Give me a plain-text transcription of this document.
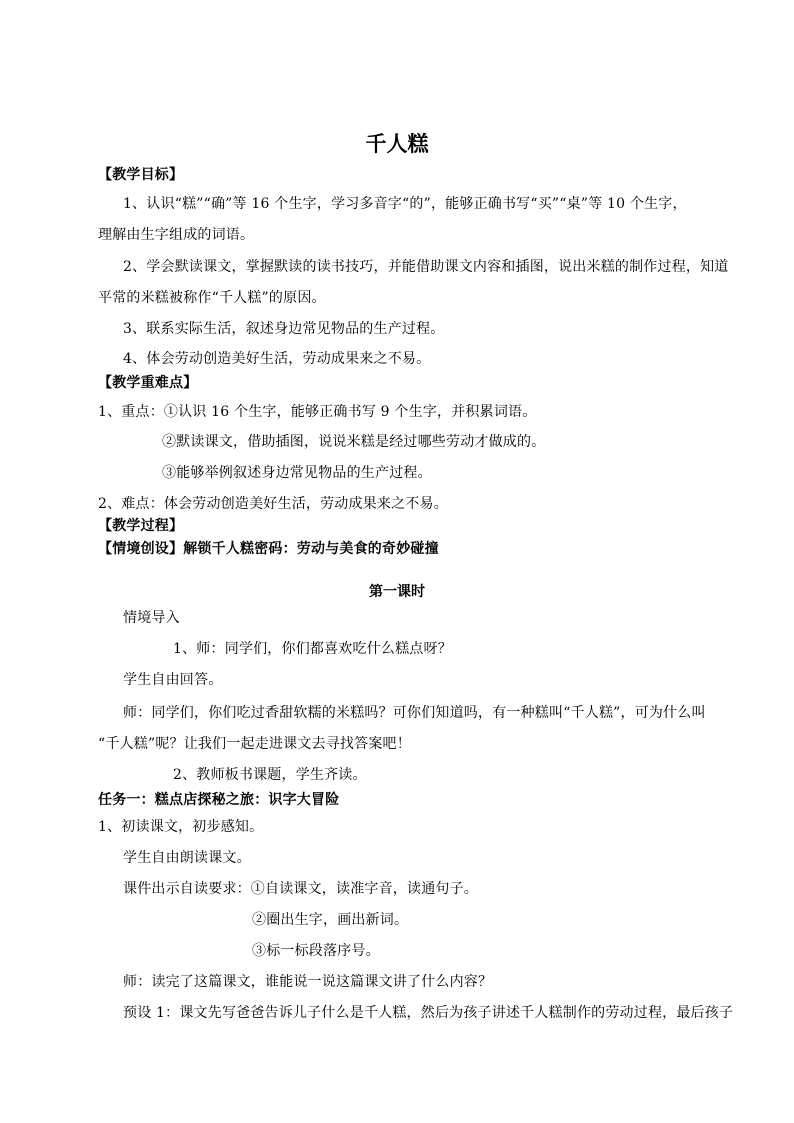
千人糕
【教学目标】
1、认识“糕”“确”等 16 个生字，学习多音字“的”，能够正确书写“买”“桌”等 10 个生字，
理解由生字组成的词语。
2、学会默读课文，掌握默读的读书技巧，并能借助课文内容和插图，说出米糕的制作过程，知道
平常的米糕被称作“千人糕”的原因。
3、联系实际生活，叙述身边常见物品的生产过程。
4、体会劳动创造美好生活，劳动成果来之不易。
【教学重难点】
1、重点：①认识 16 个生字，能够正确书写 9 个生字，并积累词语。
②默读课文，借助插图，说说米糕是经过哪些劳动才做成的。
③能够举例叙述身边常见物品的生产过程。
2、难点：体会劳动创造美好生活，劳动成果来之不易。
【教学过程】
【情境创设】解锁千人糕密码：劳动与美食的奇妙碰撞
第一课时
情境导入
1、师：同学们，你们都喜欢吃什么糕点呀？
学生自由回答。
师：同学们，你们吃过香甜软糯的米糕吗？可你们知道吗，有一种糕叫“千人糕”，可为什么叫
“千人糕”呢？让我们一起走进课文去寻找答案吧！
2、教师板书课题，学生齐读。
任务一：糕点店探秘之旅：识字大冒险
1、初读课文，初步感知。
学生自由朗读课文。
课件出示自读要求：①自读课文，读准字音，读通句子。
②圈出生字，画出新词。
③标一标段落序号。
师：读完了这篇课文，谁能说一说这篇课文讲了什么内容？
预设 1：课文先写爸爸告诉儿子什么是千人糕，然后为孩子讲述千人糕制作的劳动过程，最后孩子
